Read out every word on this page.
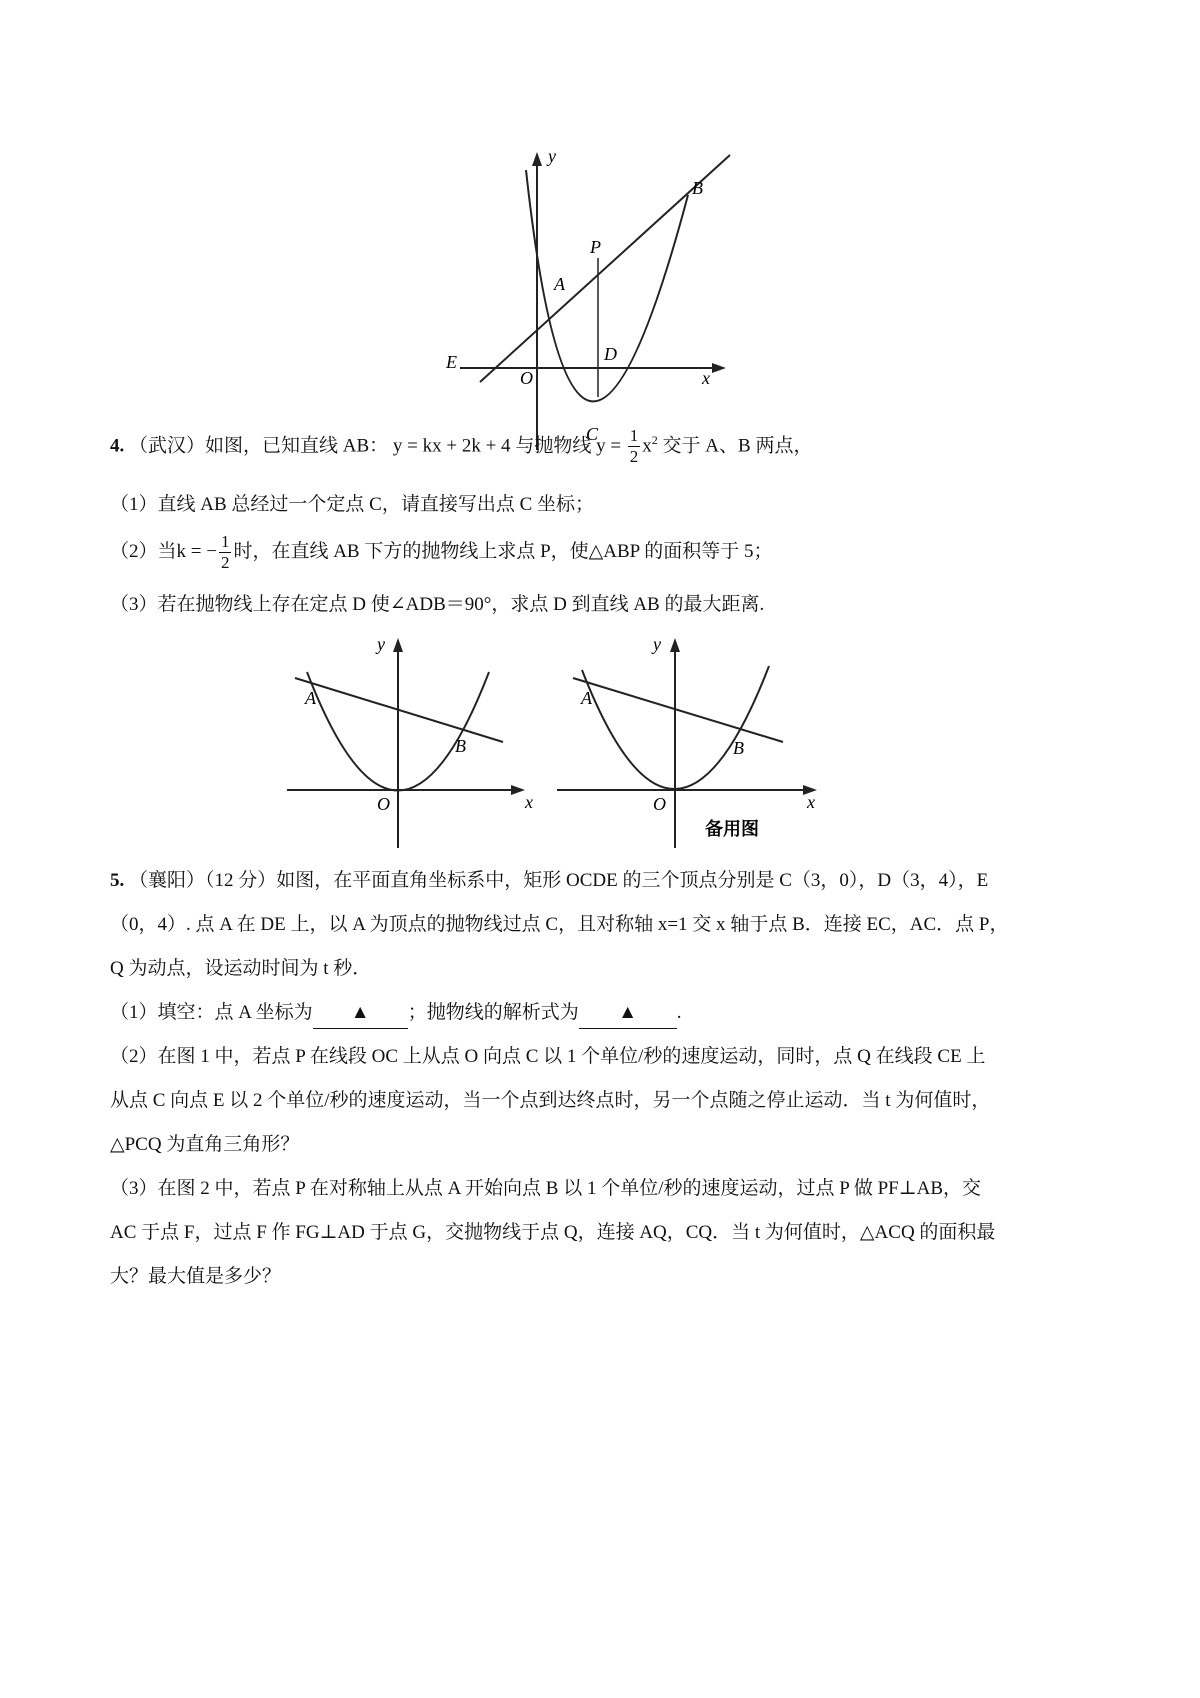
y
B
P
A
E
O
D
x
C
4. （武汉）如图，已知直线 AB： y = kx + 2k + 4 与抛物线 $y = \frac{1}{2} x^2$ 交于 A、B 两点，
（1）直线 AB 总经过一个定点 C，请直接写出点 C 坐标；
（2）当k = − $\frac{1}{2}$ 时，在直线 AB 下方的抛物线上求点 P，使△ABP 的面积等于 5；
（3）若在抛物线上存在定点 D 使∠ADB＝90°，求点 D 到直线 AB 的最大距离.
y
A
B
O	x
y
A
B
O	x
备用图
5. （襄阳）（12 分）如图，在平面直角坐标系中，矩形 OCDE 的三个顶点分别是 C（3，0），D（3，4），E
（0，4）. 点 A 在 DE 上，以 A 为顶点的抛物线过点 C，且对称轴 x=1 交 x 轴于点 B．连接 EC，AC．点 P，
Q 为动点，设运动时间为 t 秒．
（1）填空：点 A 坐标为 ▲ ；抛物线的解析式为 ▲ .
（2）在图 1 中，若点 P 在线段 OC 上从点 O 向点 C 以 1 个单位/秒的速度运动，同时，点 Q 在线段 CE 上
从点 C 向点 E 以 2 个单位/秒的速度运动，当一个点到达终点时，另一个点随之停止运动．当 t 为何值时，
△PCQ 为直角三角形？
（3）在图 2 中，若点 P 在对称轴上从点 A 开始向点 B 以 1 个单位/秒的速度运动，过点 P 做 PF⊥AB，交
AC 于点 F，过点 F 作 FG⊥AD 于点 G，交抛物线于点 Q，连接 AQ，CQ．当 t 为何值时，△ACQ 的面积最
大？最大值是多少？
